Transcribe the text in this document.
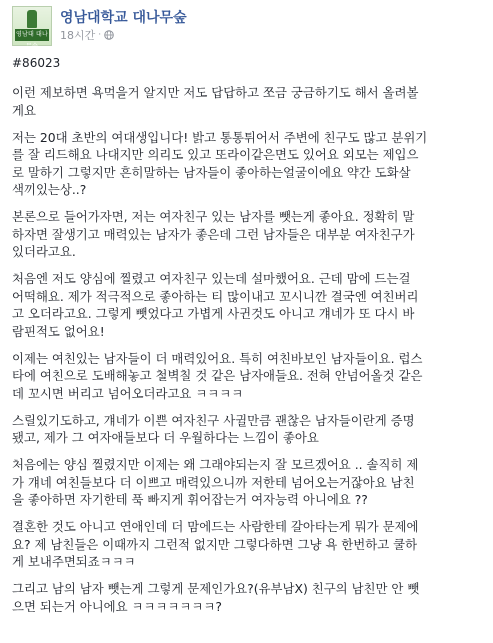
영남대 대나무숲
영남대학교 대나무숲
18시간 ·
#86023

이런 제보하면 욕먹을거 알지만 저도 답답하고 쪼금 궁금하기도 해서 올려볼
게요

저는 20대 초반의 여대생입니다! 밝고 통통튀어서 주변에 친구도 많고 분위기
를 잘 리드해요 나대지만 의리도 있고 또라이같은면도 있어요 외모는 제입으
로 말하기 그렇지만 흔히말하는 남자들이 좋아하는얼굴이에요 약간 도화살
색끼있는상..?

본론으로 들어가자면, 저는 여자친구 있는 남자를 뺏는게 좋아요. 정확히 말
하자면 잘생기고 매력있는 남자가 좋은데 그런 남자들은 대부분 여자친구가
있더라고요.

처음엔 저도 양심에 찔렸고 여자친구 있는데 설마했어요. 근데 맘에 드는걸
어떡해요. 제가 적극적으로 좋아하는 티 많이내고 꼬시니깐 결국엔 여친버리
고 오더라고요. 그렇게 뺏었다고 가볍게 사귄것도 아니고 걔네가 또 다시 바
람핀적도 없어요!

이제는 여친있는 남자들이 더 매력있어요. 특히 여친바보인 남자들이요. 럽스
타에 여친으로 도배해놓고 철벽칠 것 같은 남자애들요. 전혀 안넘어올것 같은
데 꼬시면 버리고 넘어오더라고요 ㅋㅋㅋㅋ

스릴있기도하고, 걔네가 이쁜 여자친구 사귈만큼 괜찮은 남자들이란게 증명
됐고, 제가 그 여자애들보다 더 우월하다는 느낌이 좋아요

처음에는 양심 찔렸지만 이제는 왜 그래야되는지 잘 모르겠어요 .. 솔직히 제
가 걔네 여친들보다 더 이쁘고 매력있으니까 저한테 넘어오는거잖아요 남친
을 좋아하면 자기한테 푹 빠지게 휘어잡는거 여자능력 아니에요 ??

결혼한 것도 아니고 연애인데 더 맘에드는 사람한테 갈아타는게 뭐가 문제에
요? 제 남친들은 이때까지 그런적 없지만 그렇다하면 그냥 욕 한번하고 쿨하
게 보내주면되죠ㅋㅋㅋ

그리고 남의 남자 뺏는게 그렇게 문제인가요?(유부남X) 친구의 남친만 안 뺏
으면 되는거 아니에요 ㅋㅋㅋㅋㅋㅋㅋ?
